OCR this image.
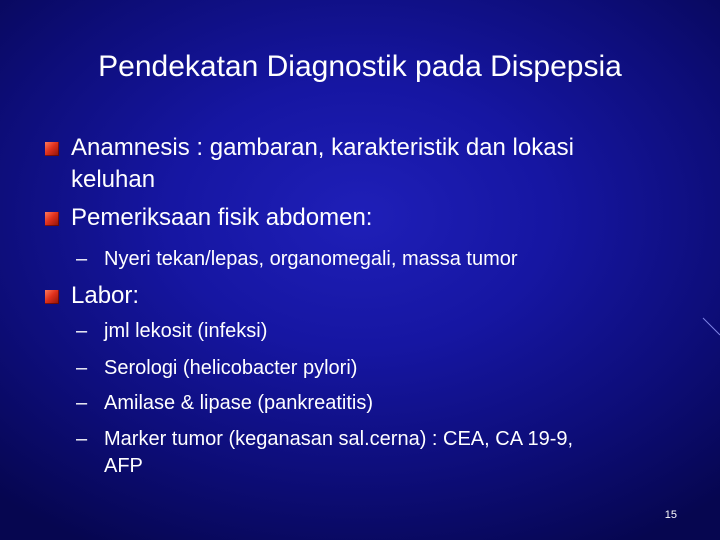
Pendekatan Diagnostik pada Dispepsia

Anamnesis : gambaran, karakteristik dan lokasi

keluhan

Pemeriksaan fisik abdomen:

– Nyeri tekan/lepas, organomegali, massa tumor

Labor:

– jml lekosit (infeksi)

– Serologi (helicobacter pylori)

– Amilase & lipase (pankreatitis)

– Marker tumor (keganasan sal.cerna) : CEA, CA 19-9,

AFP

15
